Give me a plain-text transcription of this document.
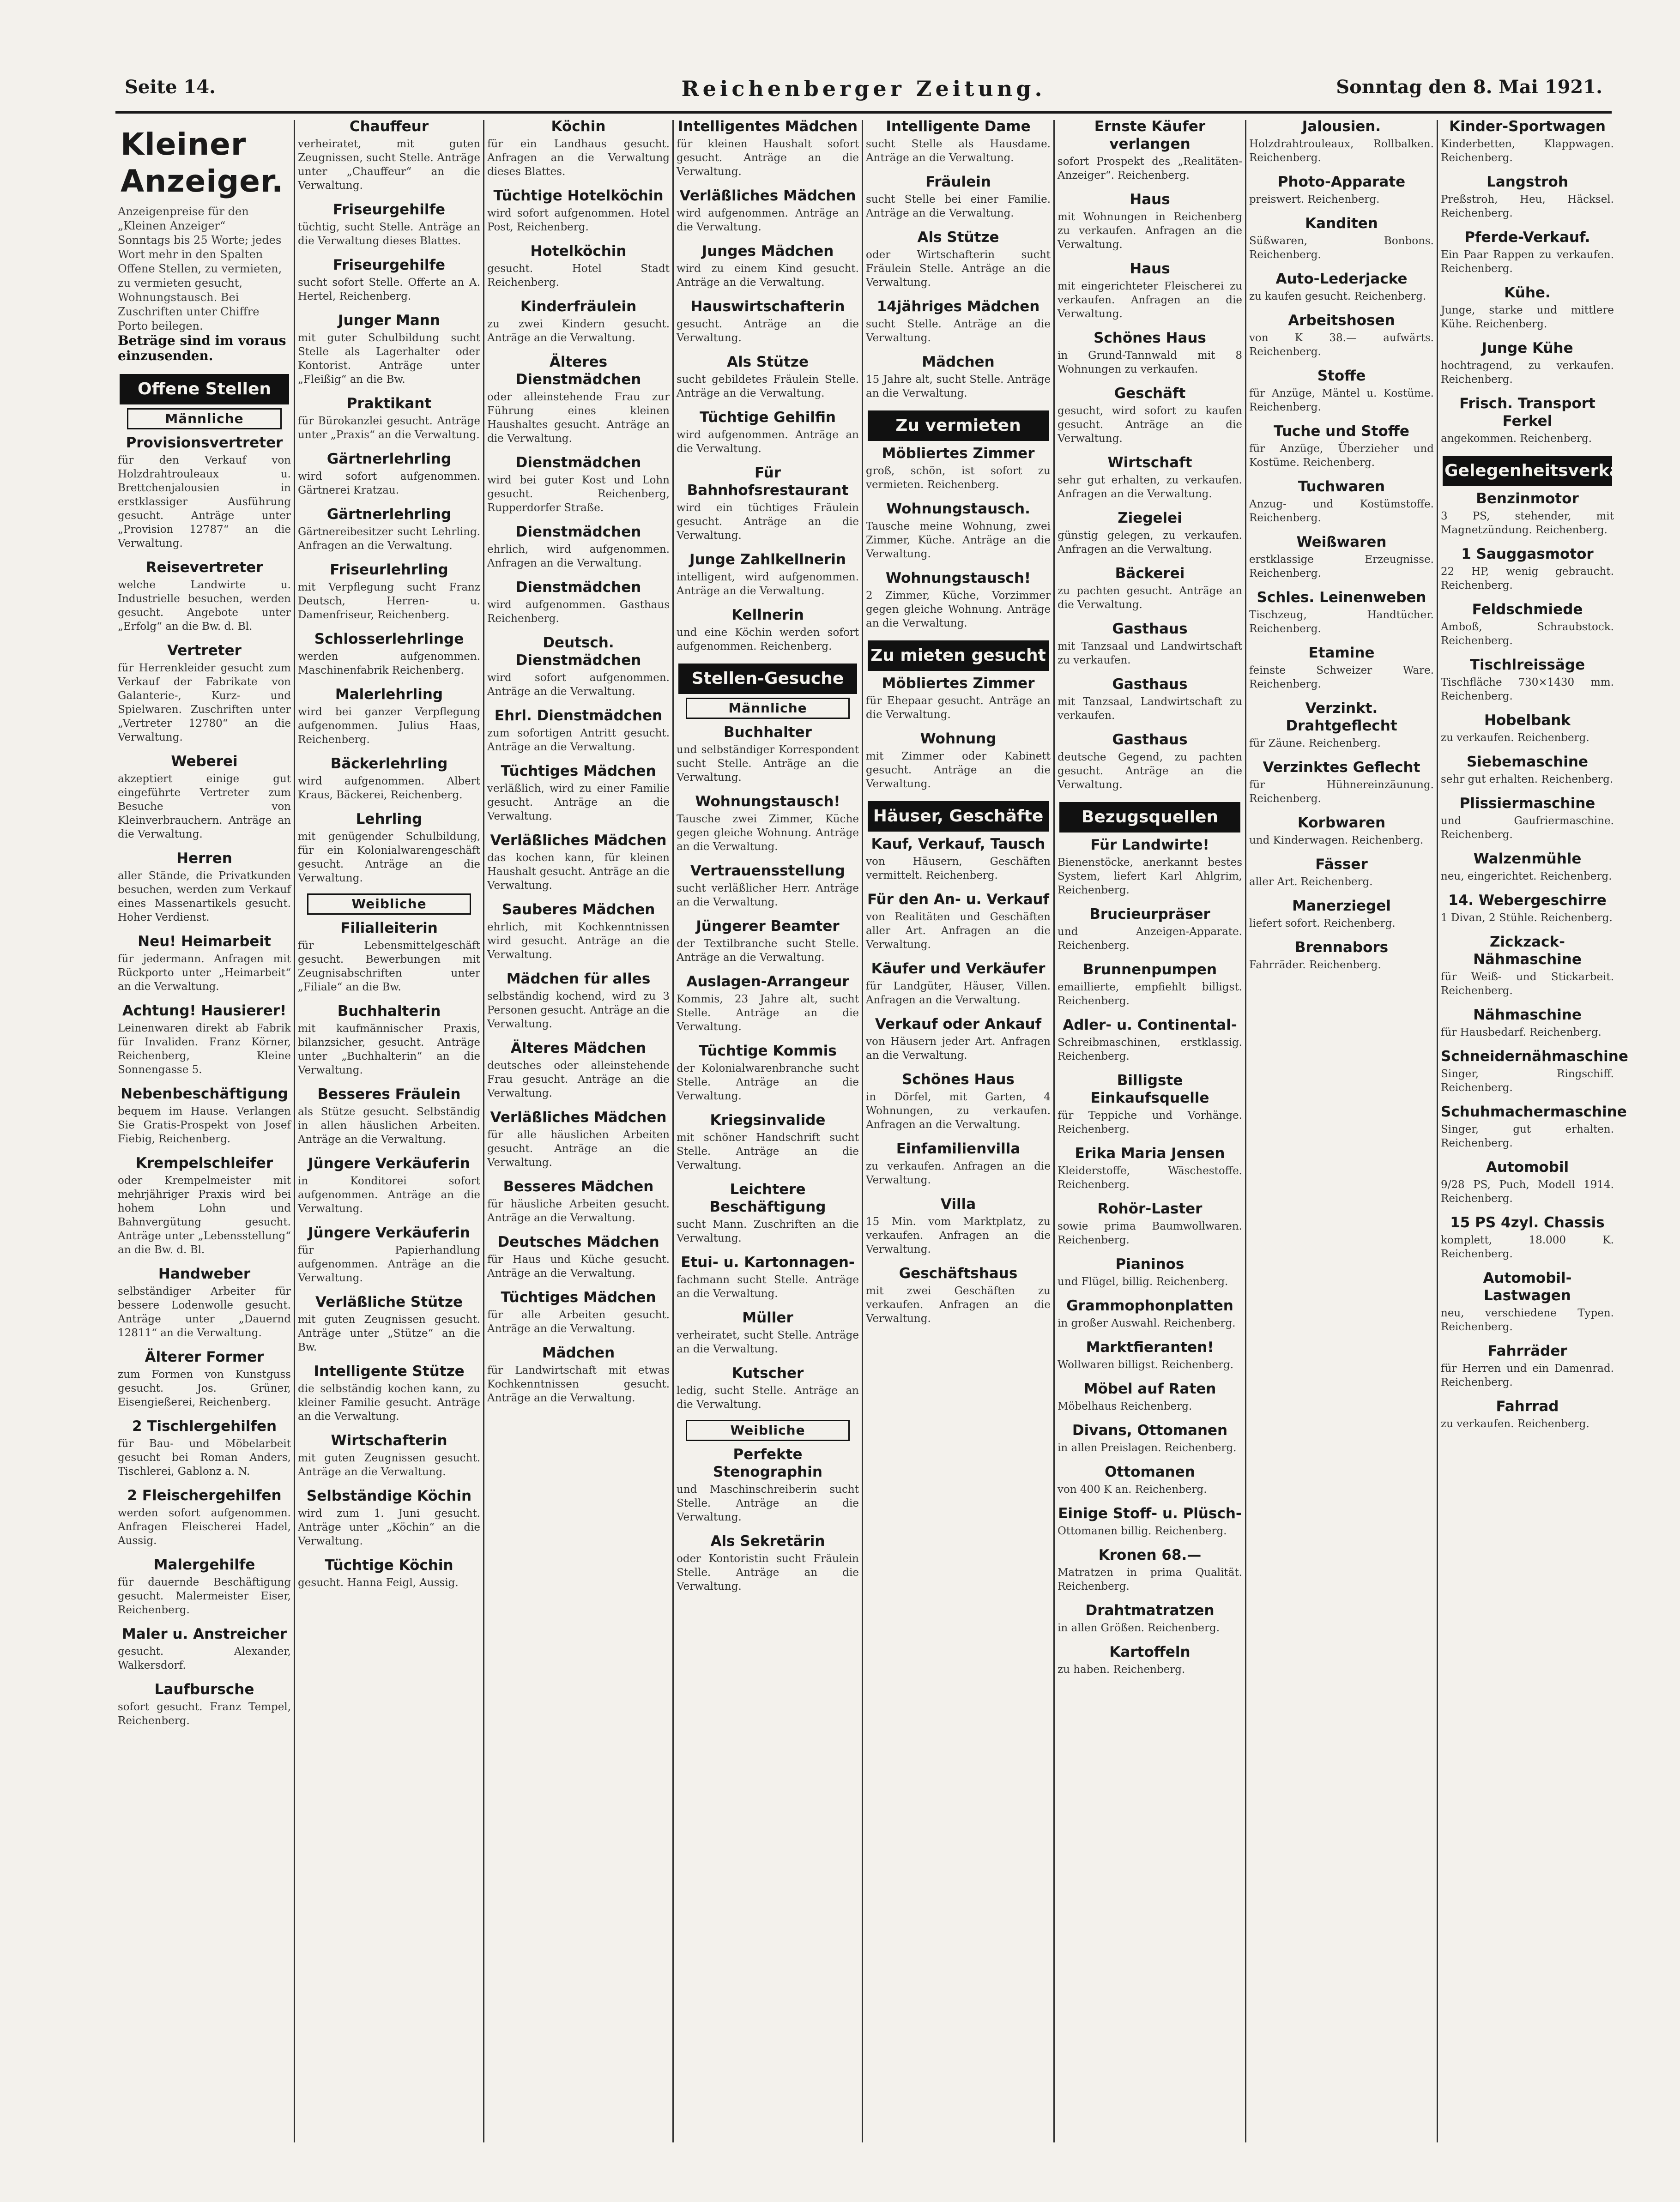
Seite 14.	Reichenberger Zeitung.	Sonntag den 8. Mai 1921.
Kleiner Anzeiger.
Anzeigenpreise für den „Kleinen Anzeiger“
Sonntags bis 25 Worte; jedes Wort mehr in den Spalten Offene Stellen, zu vermieten, zu vermieten gesucht, Wohnungstausch. Bei Zuschriften unter Chiffre Porto beilegen.
Beträge sind im voraus einzusenden.
Offene Stellen
Männliche
Provisionsvertreter

für den Verkauf von Holzdrahtrouleaux u. Brettchenjalousien in erstklassiger Ausführung gesucht. Anträge unter „Provision 12787“ an die Verwaltung.

Reisevertreter

welche Landwirte u. Industrielle besuchen, werden gesucht. Angebote unter „Erfolg“ an die Bw. d. Bl.

Vertreter

für Herrenkleider gesucht zum Verkauf der Fabrikate von Galanterie-, Kurz- und Spielwaren. Zuschriften unter „Vertreter 12780“ an die Verwaltung.

Weberei

akzeptiert einige gut eingeführte Vertreter zum Besuche von Kleinverbrauchern. Anträge an die Verwaltung.

Herren

aller Stände, die Privatkunden besuchen, werden zum Verkauf eines Massenartikels gesucht. Hoher Verdienst.

Neu! Heimarbeit

für jedermann. Anfragen mit Rückporto unter „Heimarbeit“ an die Verwaltung.

Achtung! Hausierer!

Leinenwaren direkt ab Fabrik für Invaliden. Franz Körner, Reichenberg, Kleine Sonnengasse 5.

Nebenbeschäftigung

bequem im Hause. Verlangen Sie Gratis-Prospekt von Josef Fiebig, Reichenberg.

Krempelschleifer

oder Krempelmeister mit mehrjähriger Praxis wird bei hohem Lohn und Bahnvergütung gesucht. Anträge unter „Lebensstellung“ an die Bw. d. Bl.

Handweber

selbständiger Arbeiter für bessere Lodenwolle gesucht. Anträge unter „Dauernd 12811“ an die Verwaltung.

Älterer Former

zum Formen von Kunstguss gesucht. Jos. Grüner, Eisengießerei, Reichenberg.

2 Tischlergehilfen

für Bau- und Möbelarbeit gesucht bei Roman Anders, Tischlerei, Gablonz a. N.

2 Fleischergehilfen

werden sofort aufgenommen. Anfragen Fleischerei Hadel, Aussig.

Malergehilfe

für dauernde Beschäftigung gesucht. Malermeister Eiser, Reichenberg.

Maler u. Anstreicher

gesucht. Alexander, Walkersdorf.

Laufbursche

sofort gesucht. Franz Tempel, Reichenberg.

Chauffeur

verheiratet, mit guten Zeugnissen, sucht Stelle. Anträge unter „Chauffeur“ an die Verwaltung.

Friseurgehilfe

tüchtig, sucht Stelle. Anträge an die Verwaltung dieses Blattes.

Friseurgehilfe

sucht sofort Stelle. Offerte an A. Hertel, Reichenberg.

Junger Mann

mit guter Schulbildung sucht Stelle als Lagerhalter oder Kontorist. Anträge unter „Fleißig“ an die Bw.

Praktikant

für Bürokanzlei gesucht. Anträge unter „Praxis“ an die Verwaltung.

Gärtnerlehrling

wird sofort aufgenommen. Gärtnerei Kratzau.

Gärtnerlehrling

Gärtnereibesitzer sucht Lehrling. Anfragen an die Verwaltung.

Friseurlehrling

mit Verpflegung sucht Franz Deutsch, Herren- u. Damenfriseur, Reichenberg.

Schlosserlehrlinge

werden aufgenommen. Maschinenfabrik Reichenberg.

Malerlehrling

wird bei ganzer Verpflegung aufgenommen. Julius Haas, Reichenberg.

Bäckerlehrling

wird aufgenommen. Albert Kraus, Bäckerei, Reichenberg.

Lehrling

mit genügender Schulbildung, für ein Kolonialwarengeschäft gesucht. Anträge an die Verwaltung.

Weibliche
Filialleiterin

für Lebensmittelgeschäft gesucht. Bewerbungen mit Zeugnisabschriften unter „Filiale“ an die Bw.

Buchhalterin

mit kaufmännischer Praxis, bilanzsicher, gesucht. Anträge unter „Buchhalterin“ an die Verwaltung.

Besseres Fräulein

als Stütze gesucht. Selbständig in allen häuslichen Arbeiten. Anträge an die Verwaltung.

Jüngere Verkäuferin

in Konditorei sofort aufgenommen. Anträge an die Verwaltung.

Jüngere Verkäuferin

für Papierhandlung aufgenommen. Anträge an die Verwaltung.

Verläßliche Stütze

mit guten Zeugnissen gesucht. Anträge unter „Stütze“ an die Bw.

Intelligente Stütze

die selbständig kochen kann, zu kleiner Familie gesucht. Anträge an die Verwaltung.

Wirtschafterin

mit guten Zeugnissen gesucht. Anträge an die Verwaltung.

Selbständige Köchin

wird zum 1. Juni gesucht. Anträge unter „Köchin“ an die Verwaltung.

Tüchtige Köchin

gesucht. Hanna Feigl, Aussig.

Köchin

für ein Landhaus gesucht. Anfragen an die Verwaltung dieses Blattes.

Tüchtige Hotelköchin

wird sofort aufgenommen. Hotel Post, Reichenberg.

Hotelköchin

gesucht. Hotel Stadt Reichenberg.

Kinderfräulein

zu zwei Kindern gesucht. Anträge an die Verwaltung.

Älteres Dienstmädchen

oder alleinstehende Frau zur Führung eines kleinen Haushaltes gesucht. Anträge an die Verwaltung.

Dienstmädchen

wird bei guter Kost und Lohn gesucht. Reichenberg, Rupperdorfer Straße.

Dienstmädchen

ehrlich, wird aufgenommen. Anfragen an die Verwaltung.

Dienstmädchen

wird aufgenommen. Gasthaus Reichenberg.

Deutsch. Dienstmädchen

wird sofort aufgenommen. Anträge an die Verwaltung.

Ehrl. Dienstmädchen

zum sofortigen Antritt gesucht. Anträge an die Verwaltung.

Tüchtiges Mädchen

verläßlich, wird zu einer Familie gesucht. Anträge an die Verwaltung.

Verläßliches Mädchen

das kochen kann, für kleinen Haushalt gesucht. Anträge an die Verwaltung.

Sauberes Mädchen

ehrlich, mit Kochkenntnissen wird gesucht. Anträge an die Verwaltung.

Mädchen für alles

selbständig kochend, wird zu 3 Personen gesucht. Anträge an die Verwaltung.

Älteres Mädchen

deutsches oder alleinstehende Frau gesucht. Anträge an die Verwaltung.

Verläßliches Mädchen

für alle häuslichen Arbeiten gesucht. Anträge an die Verwaltung.

Besseres Mädchen

für häusliche Arbeiten gesucht. Anträge an die Verwaltung.

Deutsches Mädchen

für Haus und Küche gesucht. Anträge an die Verwaltung.

Tüchtiges Mädchen

für alle Arbeiten gesucht. Anträge an die Verwaltung.

Mädchen

für Landwirtschaft mit etwas Kochkenntnissen gesucht. Anträge an die Verwaltung.

Intelligentes Mädchen

für kleinen Haushalt sofort gesucht. Anträge an die Verwaltung.

Verläßliches Mädchen

wird aufgenommen. Anträge an die Verwaltung.

Junges Mädchen

wird zu einem Kind gesucht. Anträge an die Verwaltung.

Hauswirtschafterin

gesucht. Anträge an die Verwaltung.

Als Stütze

sucht gebildetes Fräulein Stelle. Anträge an die Verwaltung.

Tüchtige Gehilfin

wird aufgenommen. Anträge an die Verwaltung.

Für Bahnhofsrestaurant

wird ein tüchtiges Fräulein gesucht. Anträge an die Verwaltung.

Junge Zahlkellnerin

intelligent, wird aufgenommen. Anträge an die Verwaltung.

Kellnerin

und eine Köchin werden sofort aufgenommen. Reichenberg.

Stellen-Gesuche
Männliche
Buchhalter

und selbständiger Korrespondent sucht Stelle. Anträge an die Verwaltung.

Wohnungstausch!

Tausche zwei Zimmer, Küche gegen gleiche Wohnung. Anträge an die Verwaltung.

Vertrauensstellung

sucht verläßlicher Herr. Anträge an die Verwaltung.

Jüngerer Beamter

der Textilbranche sucht Stelle. Anträge an die Verwaltung.

Auslagen-Arrangeur

Kommis, 23 Jahre alt, sucht Stelle. Anträge an die Verwaltung.

Tüchtige Kommis

der Kolonialwarenbranche sucht Stelle. Anträge an die Verwaltung.

Kriegsinvalide

mit schöner Handschrift sucht Stelle. Anträge an die Verwaltung.

Leichtere Beschäftigung

sucht Mann. Zuschriften an die Verwaltung.

Etui- u. Kartonnagen-

fachmann sucht Stelle. Anträge an die Verwaltung.

Müller

verheiratet, sucht Stelle. Anträge an die Verwaltung.

Kutscher

ledig, sucht Stelle. Anträge an die Verwaltung.

Weibliche
Perfekte Stenographin

und Maschinschreiberin sucht Stelle. Anträge an die Verwaltung.

Als Sekretärin

oder Kontoristin sucht Fräulein Stelle. Anträge an die Verwaltung.

Intelligente Dame

sucht Stelle als Hausdame. Anträge an die Verwaltung.

Fräulein

sucht Stelle bei einer Familie. Anträge an die Verwaltung.

Als Stütze

oder Wirtschafterin sucht Fräulein Stelle. Anträge an die Verwaltung.

14jähriges Mädchen

sucht Stelle. Anträge an die Verwaltung.

Mädchen

15 Jahre alt, sucht Stelle. Anträge an die Verwaltung.

Zu vermieten
Möbliertes Zimmer

groß, schön, ist sofort zu vermieten. Reichenberg.

Wohnungstausch.

Tausche meine Wohnung, zwei Zimmer, Küche. Anträge an die Verwaltung.

Wohnungstausch!

2 Zimmer, Küche, Vorzimmer gegen gleiche Wohnung. Anträge an die Verwaltung.

Zu mieten gesucht
Möbliertes Zimmer

für Ehepaar gesucht. Anträge an die Verwaltung.

Wohnung

mit Zimmer oder Kabinett gesucht. Anträge an die Verwaltung.

Häuser, Geschäfte
Kauf, Verkauf, Tausch

von Häusern, Geschäften vermittelt. Reichenberg.

Für den An- u. Verkauf

von Realitäten und Geschäften aller Art. Anfragen an die Verwaltung.

Käufer und Verkäufer

für Landgüter, Häuser, Villen. Anfragen an die Verwaltung.

Verkauf oder Ankauf

von Häusern jeder Art. Anfragen an die Verwaltung.

Schönes Haus

in Dörfel, mit Garten, 4 Wohnungen, zu verkaufen. Anfragen an die Verwaltung.

Einfamilienvilla

zu verkaufen. Anfragen an die Verwaltung.

Villa

15 Min. vom Marktplatz, zu verkaufen. Anfragen an die Verwaltung.

Geschäftshaus

mit zwei Geschäften zu verkaufen. Anfragen an die Verwaltung.

Ernste Käufer verlangen

sofort Prospekt des „Realitäten-Anzeiger“. Reichenberg.

Haus

mit Wohnungen in Reichenberg zu verkaufen. Anfragen an die Verwaltung.

Haus

mit eingerichteter Fleischerei zu verkaufen. Anfragen an die Verwaltung.

Schönes Haus

in Grund-Tannwald mit 8 Wohnungen zu verkaufen.

Geschäft

gesucht, wird sofort zu kaufen gesucht. Anträge an die Verwaltung.

Wirtschaft

sehr gut erhalten, zu verkaufen. Anfragen an die Verwaltung.

Ziegelei

günstig gelegen, zu verkaufen. Anfragen an die Verwaltung.

Bäckerei

zu pachten gesucht. Anträge an die Verwaltung.

Gasthaus

mit Tanzsaal und Landwirtschaft zu verkaufen.

Gasthaus

mit Tanzsaal, Landwirtschaft zu verkaufen.

Gasthaus

deutsche Gegend, zu pachten gesucht. Anträge an die Verwaltung.

Bezugsquellen
Für Landwirte!

Bienenstöcke, anerkannt bestes System, liefert Karl Ahlgrim, Reichenberg.

Brucieurpräser

und Anzeigen-Apparate. Reichenberg.

Brunnenpumpen

emaillierte, empfiehlt billigst. Reichenberg.

Adler- u. Continental-

Schreibmaschinen, erstklassig. Reichenberg.

Billigste Einkaufsquelle

für Teppiche und Vorhänge. Reichenberg.

Erika Maria Jensen

Kleiderstoffe, Wäschestoffe. Reichenberg.

Rohör-Laster

sowie prima Baumwollwaren. Reichenberg.

Pianinos

und Flügel, billig. Reichenberg.

Grammophonplatten

in großer Auswahl. Reichenberg.

Marktfieranten!

Wollwaren billigst. Reichenberg.

Möbel auf Raten

Möbelhaus Reichenberg.

Divans, Ottomanen

in allen Preislagen. Reichenberg.

Ottomanen

von 400 K an. Reichenberg.

Einige Stoff- u. Plüsch-

Ottomanen billig. Reichenberg.

Kronen 68.—

Matratzen in prima Qualität. Reichenberg.

Drahtmatratzen

in allen Größen. Reichenberg.

Kartoffeln

zu haben. Reichenberg.

Jalousien.

Holzdrahtrouleaux, Rollbalken. Reichenberg.

Photo-Apparate

preiswert. Reichenberg.

Kanditen

Süßwaren, Bonbons. Reichenberg.

Auto-Lederjacke

zu kaufen gesucht. Reichenberg.

Arbeitshosen

von K 38.— aufwärts. Reichenberg.

Stoffe

für Anzüge, Mäntel u. Kostüme. Reichenberg.

Tuche und Stoffe

für Anzüge, Überzieher und Kostüme. Reichenberg.

Tuchwaren

Anzug- und Kostümstoffe. Reichenberg.

Weißwaren

erstklassige Erzeugnisse. Reichenberg.

Schles. Leinenweben

Tischzeug, Handtücher. Reichenberg.

Etamine

feinste Schweizer Ware. Reichenberg.

Verzinkt. Drahtgeflecht

für Zäune. Reichenberg.

Verzinktes Geflecht

für Hühnereinzäunung. Reichenberg.

Korbwaren

und Kinderwagen. Reichenberg.

Fässer

aller Art. Reichenberg.

Manerziegel

liefert sofort. Reichenberg.

Brennabors

Fahrräder. Reichenberg.

Kinder-Sportwagen

Kinderbetten, Klappwagen. Reichenberg.

Langstroh

Preßstroh, Heu, Häcksel. Reichenberg.

Pferde-Verkauf.

Ein Paar Rappen zu verkaufen. Reichenberg.

Kühe.

Junge, starke und mittlere Kühe. Reichenberg.

Junge Kühe

hochtragend, zu verkaufen. Reichenberg.

Frisch. Transport Ferkel

angekommen. Reichenberg.

Gelegenheitsverkäufe
Benzinmotor

3 PS, stehender, mit Magnetzündung. Reichenberg.

1 Sauggasmotor

22 HP, wenig gebraucht. Reichenberg.

Feldschmiede

Amboß, Schraubstock. Reichenberg.

Tischlreissäge

Tischfläche 730×1430 mm. Reichenberg.

Hobelbank

zu verkaufen. Reichenberg.

Siebemaschine

sehr gut erhalten. Reichenberg.

Plissiermaschine

und Gaufriermaschine. Reichenberg.

Walzenmühle

neu, eingerichtet. Reichenberg.

14. Webergeschirre

1 Divan, 2 Stühle. Reichenberg.

Zickzack-Nähmaschine

für Weiß- und Stickarbeit. Reichenberg.

Nähmaschine

für Hausbedarf. Reichenberg.

Schneidernähmaschine

Singer, Ringschiff. Reichenberg.

Schuhmachermaschine

Singer, gut erhalten. Reichenberg.

Automobil

9/28 PS, Puch, Modell 1914. Reichenberg.

15 PS 4zyl. Chassis

komplett, 18.000 K. Reichenberg.

Automobil-Lastwagen

neu, verschiedene Typen. Reichenberg.

Fahrräder

für Herren und ein Damenrad. Reichenberg.

Fahrrad

zu verkaufen. Reichenberg.
